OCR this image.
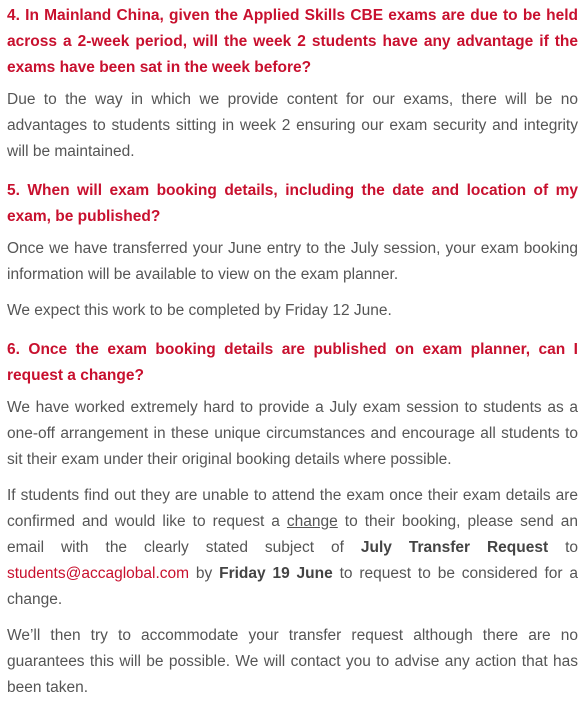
4. In Mainland China, given the Applied Skills CBE exams are due to be held across a 2-week period, will the week 2 students have any advantage if the exams have been sat in the week before?

Due to the way in which we provide content for our exams, there will be no advantages to students sitting in week 2 ensuring our exam security and integrity will be maintained.

5. When will exam booking details, including the date and location of my exam, be published?

Once we have transferred your June entry to the July session, your exam booking information will be available to view on the exam planner.

We expect this work to be completed by Friday 12 June.

6. Once the exam booking details are published on exam planner, can I request a change?

We have worked extremely hard to provide a July exam session to students as a one-off arrangement in these unique circumstances and encourage all students to sit their exam under their original booking details where possible.

If students find out they are unable to attend the exam once their exam details are confirmed and would like to request a change to their booking, please send an email with the clearly stated subject of July Transfer Request to students@accaglobal.com by Friday 19 June to request to be considered for a change.

We’ll then try to accommodate your transfer request although there are no guarantees this will be possible. We will contact you to advise any action that has been taken.
